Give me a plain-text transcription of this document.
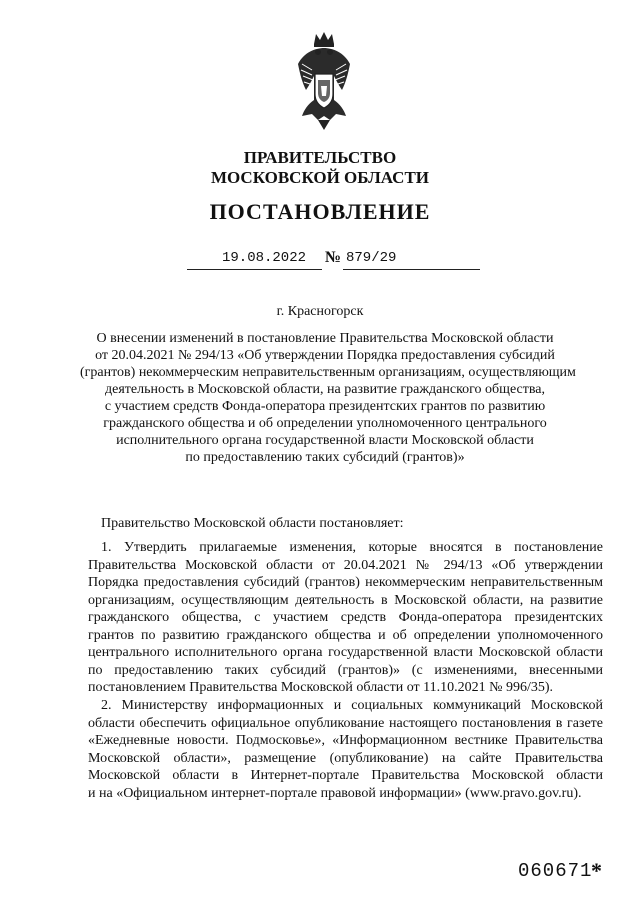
ПРАВИТЕЛЬСТВО
МОСКОВСКОЙ ОБЛАСТИ
ПОСТАНОВЛЕНИЕ
19.08.2022 № 879/29
г. Красногорск
О внесении изменений в постановление Правительства Московской области
от 20.04.2021 № 294/13 «Об утверждении Порядка предоставления субсидий
(грантов) некоммерческим неправительственным организациям, осуществляющим
деятельность в Московской области, на развитие гражданского общества,
с участием средств Фонда-оператора президентских грантов по развитию
гражданского общества и об определении уполномоченного центрального
исполнительного органа государственной власти Московской области
по предоставлению таких субсидий (грантов)»
Правительство Московской области постановляет:
1. Утвердить прилагаемые изменения, которые вносятся в постановление
Правительства Московской области от 20.04.2021 № 294/13 «Об утверждении
Порядка предоставления субсидий (грантов) некоммерческим неправительственным
организациям, осуществляющим деятельность в Московской области, на развитие
гражданского общества, с участием средств Фонда-оператора президентских
грантов по развитию гражданского общества и об определении уполномоченного
центрального исполнительного органа государственной власти Московской области
по предоставлению таких субсидий (грантов)» (с изменениями, внесенными
постановлением Правительства Московской области от 11.10.2021 № 996/35).
2. Министерству информационных и социальных коммуникаций Московской
области обеспечить официальное опубликование настоящего постановления в газете
«Ежедневные новости. Подмосковье», «Информационном вестнике Правительства
Московской области», размещение (опубликование) на сайте Правительства
Московской области в Интернет-портале Правительства Московской области
и на «Официальном интернет-портале правовой информации» (www.pravo.gov.ru).
060671
*
